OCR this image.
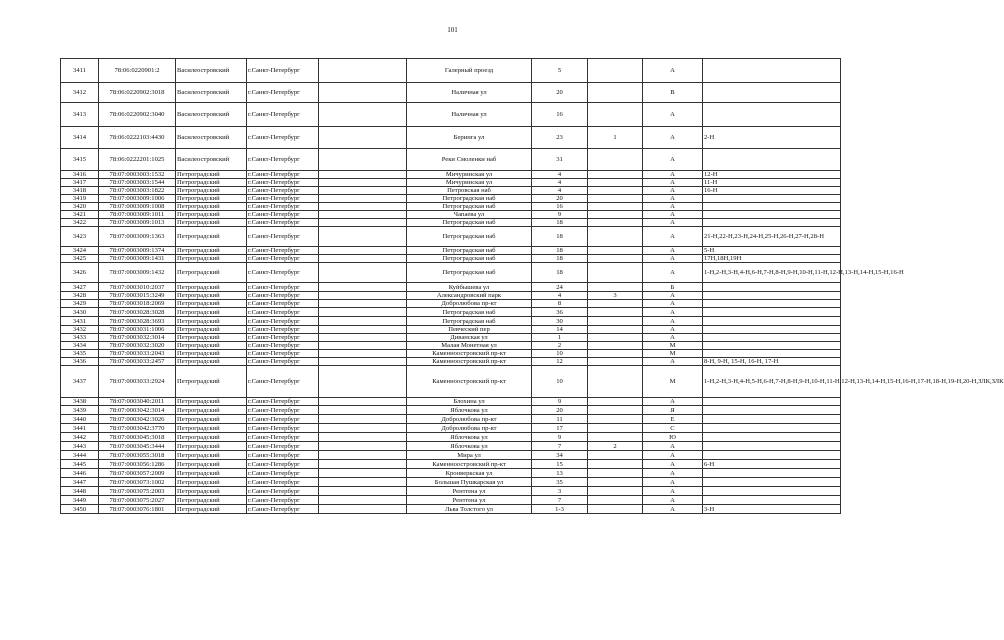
101
3411	78:06:0220901:2	Василеостровский	г.Санкт-Петербург		Галерный проезд	5		А	
3412	78:06:0220902:3018	Василеостровский	г.Санкт-Петербург		Наличная ул	20		В	
3413	78:06:0220902:3040	Василеостровский	г.Санкт-Петербург		Наличная ул	16		А	
3414	78:06:0222103:4430	Василеостровский	г.Санкт-Петербург		Беринга ул	23	1	А	2-Н
3415	78:06:0222201:1025	Василеостровский	г.Санкт-Петербург		Реки Смоленки наб	31		А	
3416	78:07:0003003:1532	Петроградский	г.Санкт-Петербург		Мичуринская ул	4		А	12-Н
3417	78:07:0003003:1544	Петроградский	г.Санкт-Петербург		Мичуринская ул	4		А	11-Н
3418	78:07:0003003:1822	Петроградский	г.Санкт-Петербург		Петровская наб	4		А	16-Н
3419	78:07:0003009:1006	Петроградский	г.Санкт-Петербург		Петроградская наб	20		А	
3420	78:07:0003009:1008	Петроградский	г.Санкт-Петербург		Петроградская наб	16		А	
3421	78:07:0003009:1011	Петроградский	г.Санкт-Петербург		Чапаева ул	9		А	
3422	78:07:0003009:1013	Петроградский	г.Санкт-Петербург		Петроградская наб	18		А	
3423	78:07:0003009:1363	Петроградский	г.Санкт-Петербург		Петроградская наб	18		А	21-Н,22-Н,23-Н,24-Н,25-Н,26-Н,27-Н,28-Н
3424	78:07:0003009:1374	Петроградский	г.Санкт-Петербург		Петроградская наб	18		А	5-Н
3425	78:07:0003009:1431	Петроградский	г.Санкт-Петербург		Петроградская наб	18		А	17Н,18Н,19Н
3426	78:07:0003009:1432	Петроградский	г.Санкт-Петербург		Петроградская наб	18		А	1-Н,2-Н,3-Н,4-Н,6-Н,7-Н,8-Н,9-Н,10-Н,11-Н,12-Н,13-Н,14-Н,15-Н,16-Н
3427	78:07:0003010:2037	Петроградский	г.Санкт-Петербург		Куйбышева ул	24		Б	
3428	78:07:0003015:3249	Петроградский	г.Санкт-Петербург		Александровский парк	4	3	А	
3429	78:07:0003018:2069	Петроградский	г.Санкт-Петербург		Добролюбова пр-кт	8		А	
3430	78:07:0003028:3028	Петроградский	г.Санкт-Петербург		Петроградская наб	36		А	
3431	78:07:0003028:3693	Петроградский	г.Санкт-Петербург		Петроградская наб	30		А	
3432	78:07:0003031:1006	Петроградский	г.Санкт-Петербург		Певческий пер	14		А	
3433	78:07:0003032:3014	Петроградский	г.Санкт-Петербург		Диванская ул	1		А	
3434	78:07:0003032:3020	Петроградский	г.Санкт-Петербург		Малая Монетная ул	2		М	
3435	78:07:0003033:2043	Петроградский	г.Санкт-Петербург		Каменноостровский пр-кт	10		М	
3436	78:07:0003033:2457	Петроградский	г.Санкт-Петербург		Каменноостровский пр-кт	12		А	8-Н, 9-Н, 15-Н, 16-Н, 17-Н
3437	78:07:0003033:2924	Петроградский	г.Санкт-Петербург		Каменноостровский пр-кт	10		М	1-Н,2-Н,3-Н,4-Н,5-Н,6-Н,7-Н,8-Н,9-Н,10-Н,11-Н,12-Н,13-Н,14-Н,15-Н,16-Н,17-Н,18-Н,19-Н,20-Н,ЗЛК,ЗЛК
3438	78:07:0003040:2011	Петроградский	г.Санкт-Петербург		Блохина ул	9		А	
3439	78:07:0003042:3014	Петроградский	г.Санкт-Петербург		Яблочкова ул	20		Я	
3440	78:07:0003042:3026	Петроградский	г.Санкт-Петербург		Добролюбова пр-кт	11		Е	
3441	78:07:0003042:3770	Петроградский	г.Санкт-Петербург		Добролюбова пр-кт	17		С	
3442	78:07:0003045:3018	Петроградский	г.Санкт-Петербург		Яблочкова ул	9		Ю	
3443	78:07:0003045:3444	Петроградский	г.Санкт-Петербург		Яблочкова ул	7	2	А	
3444	78:07:0003055:3018	Петроградский	г.Санкт-Петербург		Мира ул	34		А	
3445	78:07:0003056:1286	Петроградский	г.Санкт-Петербург		Каменноостровский пр-кт	15		А	6-Н
3446	78:07:0003057:2009	Петроградский	г.Санкт-Петербург		Кронверкская ул	13		А	
3447	78:07:0003073:1002	Петроградский	г.Санкт-Петербург		Большая Пушкарская ул	35		А	
3448	78:07:0003075:2003	Петроградский	г.Санкт-Петербург		Рентгена ул	3		А	
3449	78:07:0003075:2027	Петроградский	г.Санкт-Петербург		Рентгена ул	7		А	
3450	78:07:0003076:1801	Петроградский	г.Санкт-Петербург		Льва Толстого ул	1-3		А	3-Н
